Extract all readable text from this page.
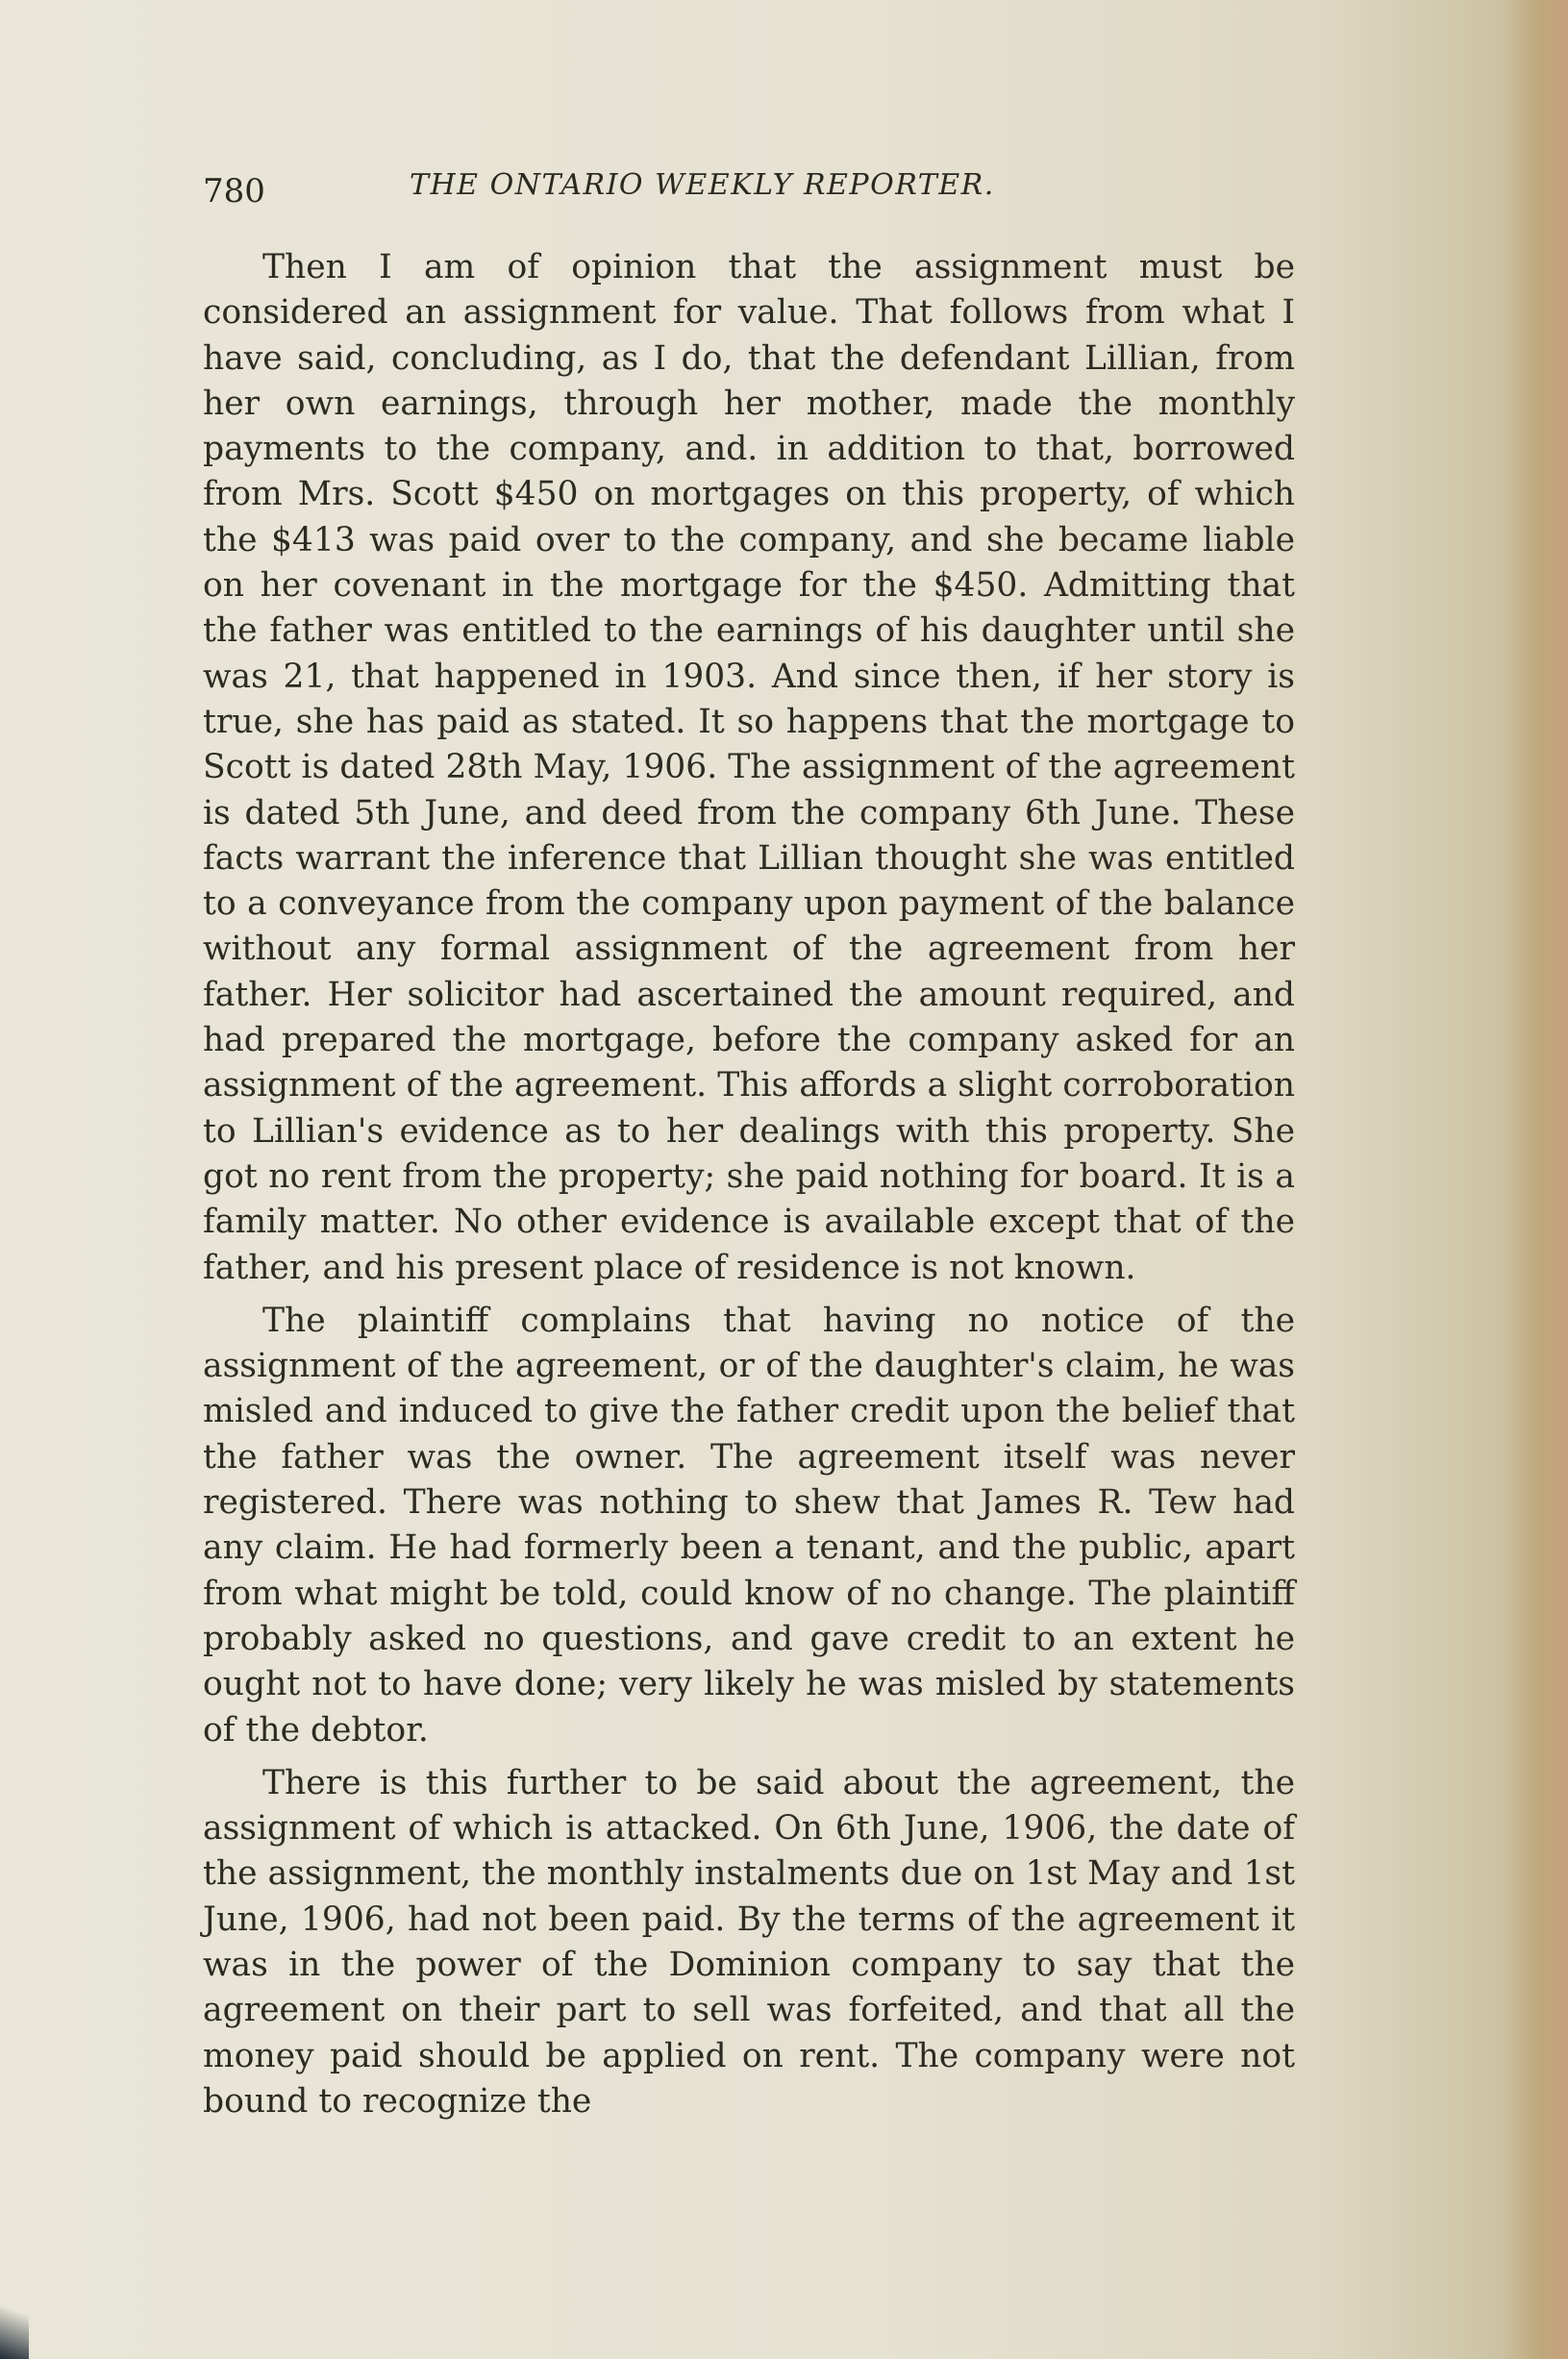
780	THE ONTARIO WEEKLY REPORTER.

Then I am of opinion that the assignment must be considered an assignment for value. That follows from what I have said, concluding, as I do, that the defendant Lillian, from her own earnings, through her mother, made the monthly payments to the company, and. in addition to that, borrowed from Mrs. Scott $450 on mortgages on this property, of which the $413 was paid over to the company, and she became liable on her covenant in the mortgage for the $450. Admitting that the father was entitled to the earnings of his daughter until she was 21, that happened in 1903. And since then, if her story is true, she has paid as stated. It so happens that the mortgage to Scott is dated 28th May, 1906. The assignment of the agreement is dated 5th June, and deed from the company 6th June. These facts warrant the inference that Lillian thought she was entitled to a conveyance from the company upon payment of the balance without any formal assignment of the agreement from her father. Her solicitor had ascertained the amount required, and had prepared the mortgage, before the company asked for an assignment of the agreement. This affords a slight corroboration to Lillian's evidence as to her dealings with this property. She got no rent from the property; she paid nothing for board. It is a family matter. No other evidence is available except that of the father, and his present place of residence is not known.

The plaintiff complains that having no notice of the assignment of the agreement, or of the daughter's claim, he was misled and induced to give the father credit upon the belief that the father was the owner. The agreement itself was never registered. There was nothing to shew that James R. Tew had any claim. He had formerly been a tenant, and the public, apart from what might be told, could know of no change. The plaintiff probably asked no questions, and gave credit to an extent he ought not to have done; very likely he was misled by statements of the debtor.

There is this further to be said about the agreement, the assignment of which is attacked. On 6th June, 1906, the date of the assignment, the monthly instalments due on 1st May and 1st June, 1906, had not been paid. By the terms of the agreement it was in the power of the Dominion company to say that the agreement on their part to sell was forfeited, and that all the money paid should be applied on rent. The company were not bound to recognize the
